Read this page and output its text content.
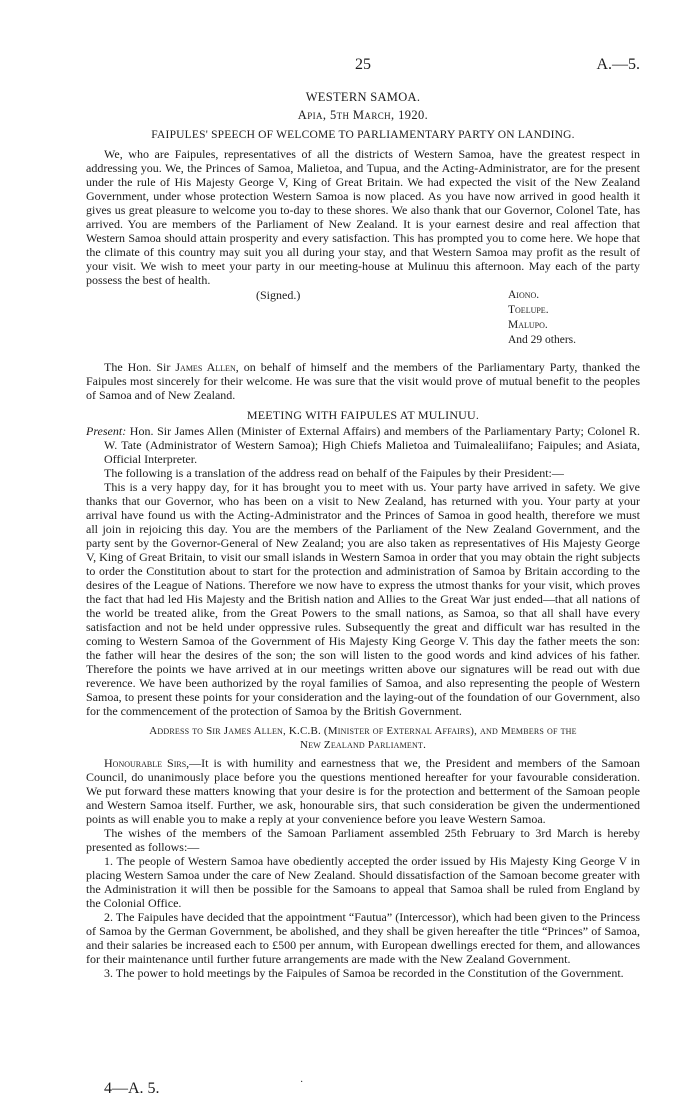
25	A.—5.
WESTERN SAMOA.
Apia, 5th March, 1920.
FAIPULES' SPEECH OF WELCOME TO PARLIAMENTARY PARTY ON LANDING.

We, who are Faipules, representatives of all the districts of Western Samoa, have the greatest respect in addressing you. We, the Princes of Samoa, Malietoa, and Tupua, and the Acting-Administrator, are for the present under the rule of His Majesty George V, King of Great Britain. We had expected the visit of the New Zealand Government, under whose protection Western Samoa is now placed. As you have now arrived in good health it gives us great pleasure to welcome you to-day to these shores. We also thank that our Governor, Colonel Tate, has arrived. You are members of the Parliament of New Zealand. It is your earnest desire and real affection that Western Samoa should attain prosperity and every satisfaction. This has prompted you to come here. We hope that the climate of this country may suit you all during your stay, and that Western Samoa may profit as the result of your visit. We wish to meet your party in our meeting-house at Mulinuu this afternoon. May each of the party possess the best of health.

(Signed.)	Aiono.
Toelupe.
Malupo.
And 29 others.

The Hon. Sir James Allen, on behalf of himself and the members of the Parliamentary Party, thanked the Faipules most sincerely for their welcome. He was sure that the visit would prove of mutual benefit to the peoples of Samoa and of New Zealand.

MEETING WITH FAIPULES AT MULINUU.

Present: Hon. Sir James Allen (Minister of External Affairs) and members of the Parliamentary Party; Colonel R. W. Tate (Administrator of Western Samoa); High Chiefs Malietoa and Tuimalealiifano; Faipules; and Asiata, Official Interpreter.

The following is a translation of the address read on behalf of the Faipules by their President:—

This is a very happy day, for it has brought you to meet with us. Your party have arrived in safety. We give thanks that our Governor, who has been on a visit to New Zealand, has returned with you. Your party at your arrival have found us with the Acting-Administrator and the Princes of Samoa in good health, therefore we must all join in rejoicing this day. You are the members of the Parliament of the New Zealand Government, and the party sent by the Governor-General of New Zealand; you are also taken as representatives of His Majesty George V, King of Great Britain, to visit our small islands in Western Samoa in order that you may obtain the right subjects to order the Constitution about to start for the protection and administration of Samoa by Britain according to the desires of the League of Nations. Therefore we now have to express the utmost thanks for your visit, which proves the fact that had led His Majesty and the British nation and Allies to the Great War just ended—that all nations of the world be treated alike, from the Great Powers to the small nations, as Samoa, so that all shall have every satisfaction and not be held under oppressive rules. Subsequently the great and difficult war has resulted in the coming to Western Samoa of the Government of His Majesty King George V. This day the father meets the son: the father will hear the desires of the son; the son will listen to the good words and kind advices of his father. Therefore the points we have arrived at in our meetings written above our signatures will be read out with due reverence. We have been authorized by the royal families of Samoa, and also representing the people of Western Samoa, to present these points for your consideration and the laying-out of the foundation of our Government, also for the commencement of the protection of Samoa by the British Government.

Address to Sir James Allen, K.C.B. (Minister of External Affairs), and Members of the
New Zealand Parliament.

Honourable Sirs,—It is with humility and earnestness that we, the President and members of the Samoan Council, do unanimously place before you the questions mentioned hereafter for your favourable consideration. We put forward these matters knowing that your desire is for the protection and betterment of the Samoan people and Western Samoa itself. Further, we ask, honourable sirs, that such consideration be given the undermentioned points as will enable you to make a reply at your convenience before you leave Western Samoa.

The wishes of the members of the Samoan Parliament assembled 25th February to 3rd March is hereby presented as follows:—

1. The people of Western Samoa have obediently accepted the order issued by His Majesty King George V in placing Western Samoa under the care of New Zealand. Should dissatisfaction of the Samoan become greater with the Administration it will then be possible for the Samoans to appeal that Samoa shall be ruled from England by the Colonial Office.

2. The Faipules have decided that the appointment “Fautua” (Intercessor), which had been given to the Princess of Samoa by the German Government, be abolished, and they shall be given hereafter the title “Princes” of Samoa, and their salaries be increased each to £500 per annum, with European dwellings erected for them, and allowances for their maintenance until further future arrangements are made with the New Zealand Government.

3. The power to hold meetings by the Faipules of Samoa be recorded in the Constitution of the Government.

·
4—A. 5.
